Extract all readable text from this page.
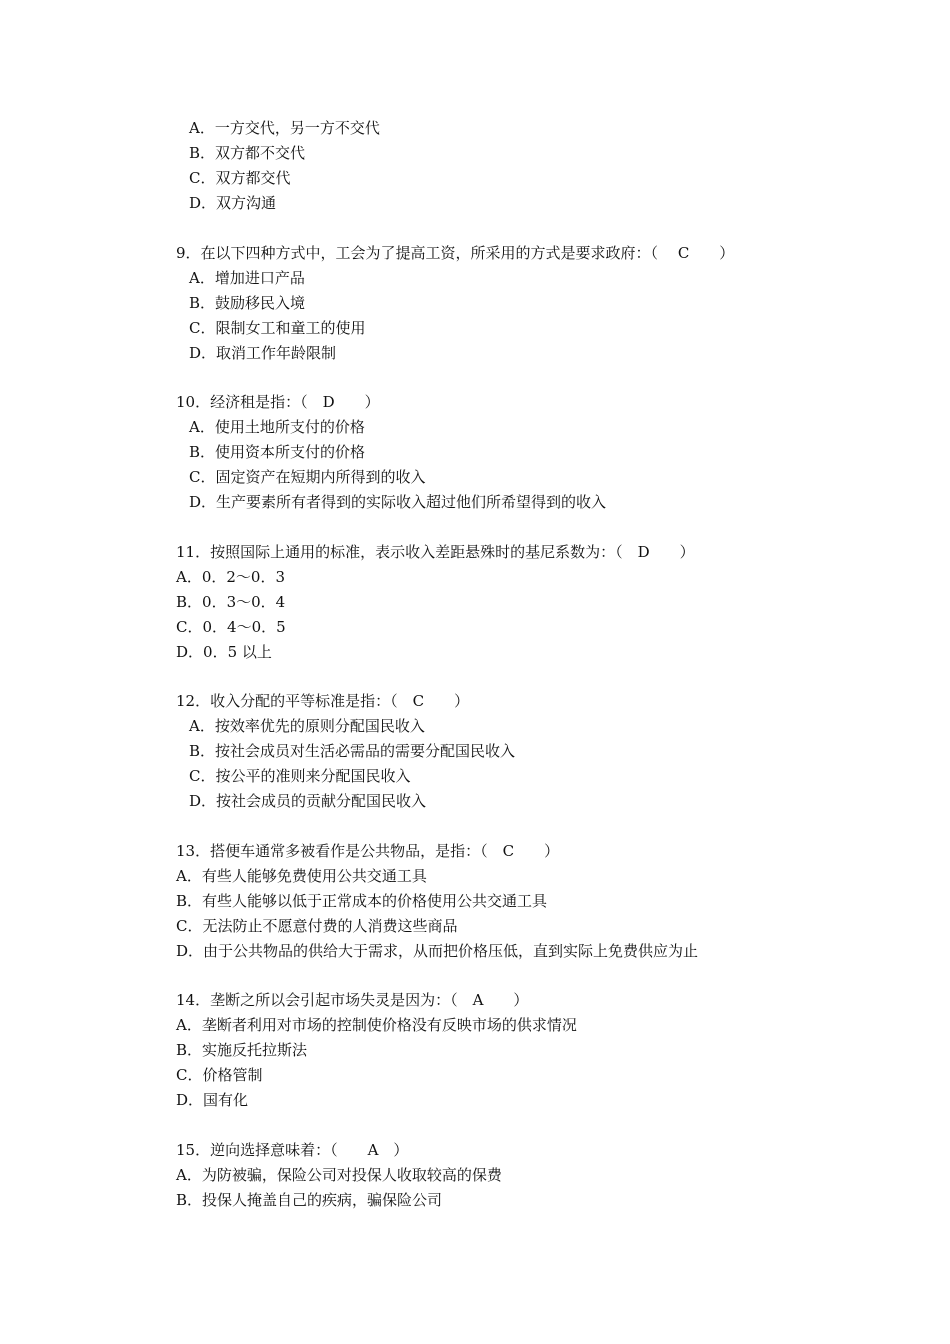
A．一方交代，另一方不交代
B．双方都不交代
C．双方都交代
D．双方沟通
9．在以下四种方式中，工会为了提高工资，所采用的方式是要求政府：（　 C　　）
A．增加进口产品
B．鼓励移民入境
C．限制女工和童工的使用
D．取消工作年龄限制
10．经济租是指：（　D　　）
A．使用土地所支付的价格
B．使用资本所支付的价格
C．固定资产在短期内所得到的收入
D．生产要素所有者得到的实际收入超过他们所希望得到的收入
11．按照国际上通用的标准，表示收入差距悬殊时的基尼系数为：（　D　　）
A．0．2～0．3
B．0．3～0．4
C．0．4～0．5
D．0．5 以上
12．收入分配的平等标准是指：（　C　　）
A．按效率优先的原则分配国民收入
B．按社会成员对生活必需品的需要分配国民收入
C．按公平的准则来分配国民收入
D．按社会成员的贡献分配国民收入
13．搭便车通常多被看作是公共物品，是指：（　C　　）
A．有些人能够免费使用公共交通工具
B．有些人能够以低于正常成本的价格使用公共交通工具
C．无法防止不愿意付费的人消费这些商品
D．由于公共物品的供给大于需求，从而把价格压低，直到实际上免费供应为止
14．垄断之所以会引起市场失灵是因为：（　A　　）
A．垄断者利用对市场的控制使价格没有反映市场的供求情况
B．实施反托拉斯法
C．价格管制
D．国有化
15．逆向选择意味着：（　　A　）
A．为防被骗，保险公司对投保人收取较高的保费
B．投保人掩盖自己的疾病，骗保险公司
